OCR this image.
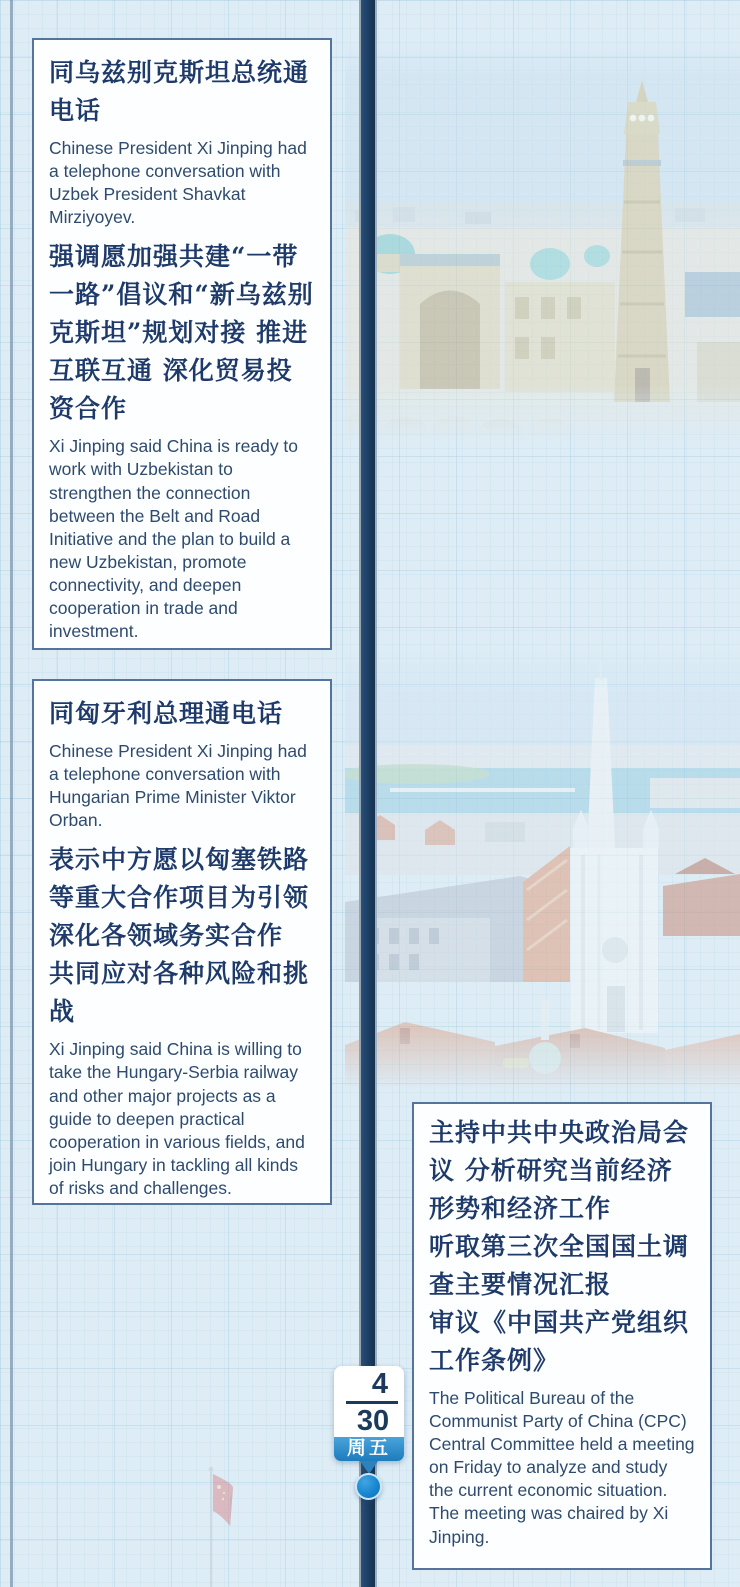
同乌兹别克斯坦总统通电话
Chinese President Xi Jinping had a telephone conversation with Uzbek President Shavkat Mirziyoyev.
强调愿加强共建“一带一路”倡议和“新乌兹别克斯坦”规划对接 推进互联互通 深化贸易投资合作
Xi Jinping said China is ready to work with Uzbekistan to strengthen the connection between the Belt and Road Initiative and the plan to build a new Uzbekistan, promote connectivity, and deepen cooperation in trade and investment.
同匈牙利总理通电话
Chinese President Xi Jinping had a telephone conversation with Hungarian Prime Minister Viktor Orban.
表示中方愿以匈塞铁路等重大合作项目为引领 深化各领域务实合作 共同应对各种风险和挑战
Xi Jinping said China is willing to take the Hungary-Serbia railway and other major projects as a guide to deepen practical cooperation in various fields, and join Hungary in tackling all kinds of risks and challenges.
主持中共中央政治局会议 分析研究当前经济形势和经济工作
听取第三次全国国土调查主要情况汇报
审议《中国共产党组织工作条例》
The Political Bureau of the Communist Party of China (CPC) Central Committee held a meeting on Friday to analyze and study the current economic situation. The meeting was chaired by Xi Jinping.
4
30
周五
